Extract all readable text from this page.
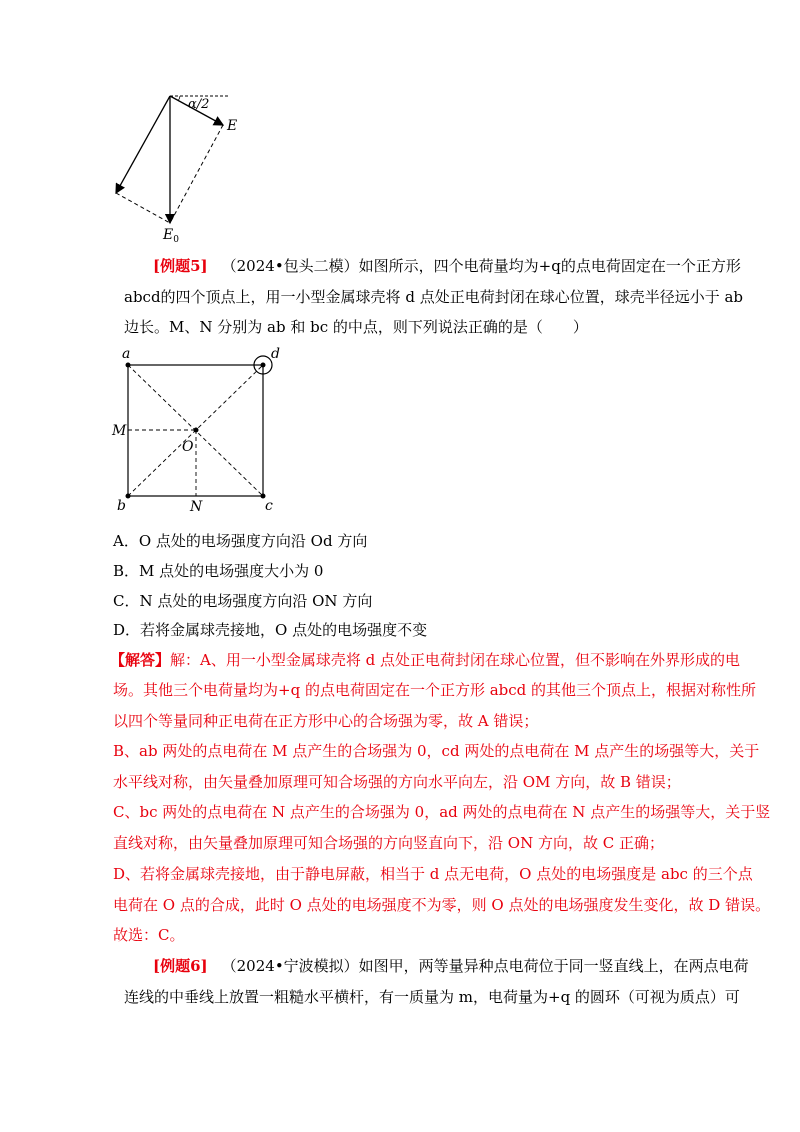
α/2
E
$E_0$
[例题5] （2024•包头二模）如图所示，四个电荷量均为+q的点电荷固定在一个正方形
abcd的四个顶点上，用一小型金属球壳将 d 点处正电荷封闭在球心位置，球壳半径远小于 ab
边长。M、N 分别为 ab 和 bc 的中点，则下列说法正确的是（　　）
a	d
b	c
M
N
O
A．O 点处的电场强度方向沿 Od 方向
B．M 点处的电场强度大小为 0
C．N 点处的电场强度方向沿 ON 方向
D．若将金属球壳接地，O 点处的电场强度不变
【解答】解：A、用一小型金属球壳将 d 点处正电荷封闭在球心位置，但不影响在外界形成的电
场。其他三个电荷量均为+q 的点电荷固定在一个正方形 abcd 的其他三个顶点上，根据对称性所
以四个等量同种正电荷在正方形中心的合场强为零，故 A 错误；
B、ab 两处的点电荷在 M 点产生的合场强为 0，cd 两处的点电荷在 M 点产生的场强等大，关于
水平线对称，由矢量叠加原理可知合场强的方向水平向左，沿 OM 方向，故 B 错误；
C、bc 两处的点电荷在 N 点产生的合场强为 0，ad 两处的点电荷在 N 点产生的场强等大，关于竖
直线对称，由矢量叠加原理可知合场强的方向竖直向下，沿 ON 方向，故 C 正确；
D、若将金属球壳接地，由于静电屏蔽，相当于 d 点无电荷，O 点处的电场强度是 abc 的三个点
电荷在 O 点的合成，此时 O 点处的电场强度不为零，则 O 点处的电场强度发生变化，故 D 错误。
故选：C。
[例题6] （2024•宁波模拟）如图甲，两等量异种点电荷位于同一竖直线上，在两点电荷
连线的中垂线上放置一粗糙水平横杆，有一质量为 m，电荷量为+q 的圆环（可视为质点）可
